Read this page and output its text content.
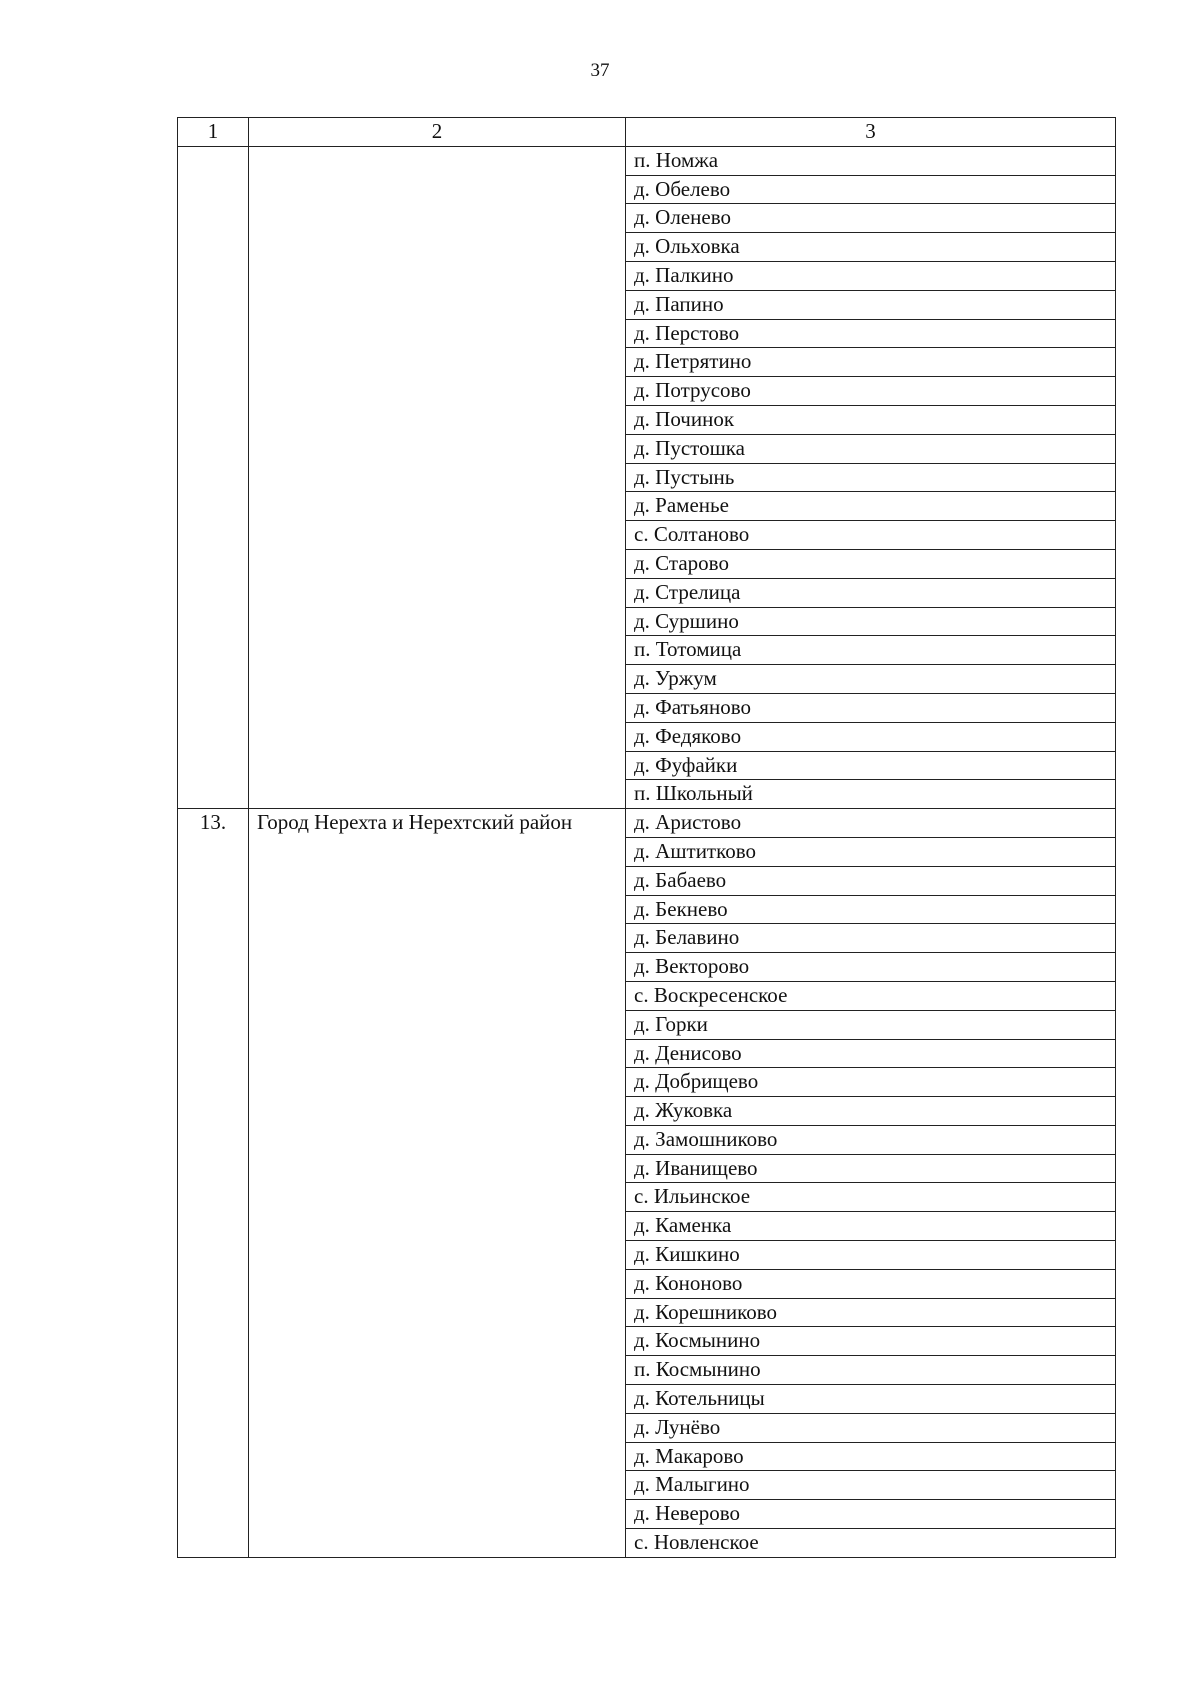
37
1	2	3
		п. Номжа
		д. Обелево
		д. Оленево
		д. Ольховка
		д. Палкино
		д. Папино
		д. Перстово
		д. Петрятино
		д. Потрусово
		д. Починок
		д. Пустошка
		д. Пустынь
		д. Раменье
		с. Солтаново
		д. Старово
		д. Стрелица
		д. Суршино
		п. Тотомица
		д. Уржум
		д. Фатьяново
		д. Федяково
		д. Фуфайки
		п. Школьный
13.	Город Нерехта и Нерехтский район	д. Аристово
		д. Аштитково
		д. Бабаево
		д. Бекнево
		д. Белавино
		д. Векторово
		с. Воскресенское
		д. Горки
		д. Денисово
		д. Добрищево
		д. Жуковка
		д. Замошниково
		д. Иванищево
		с. Ильинское
		д. Каменка
		д. Кишкино
		д. Кононово
		д. Корешниково
		д. Космынино
		п. Космынино
		д. Котельницы
		д. Лунёво
		д. Макарово
		д. Малыгино
		д. Неверово
		с. Новленское
